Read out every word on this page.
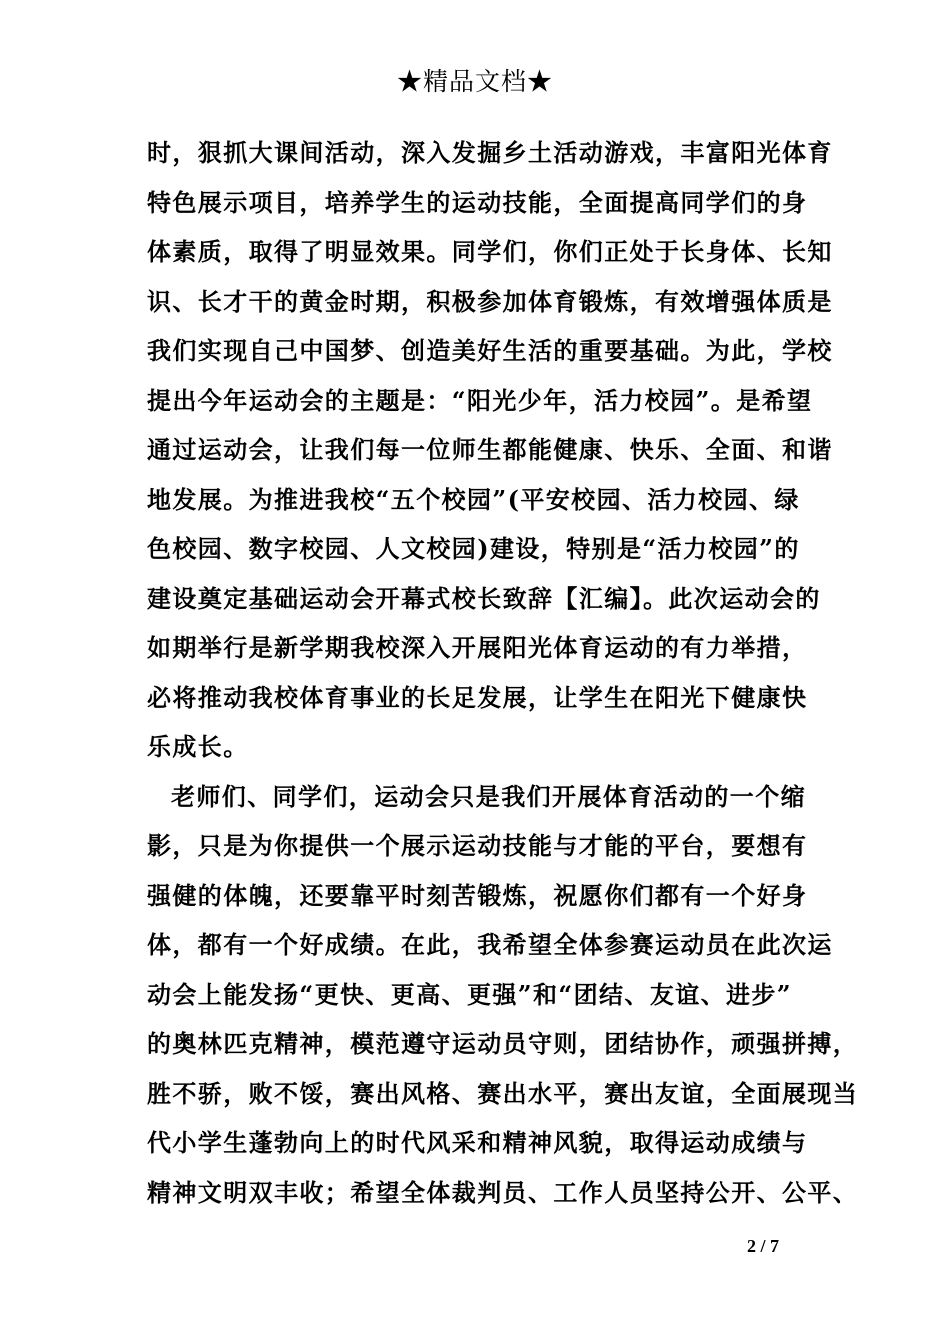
★精品文档★
时，狠抓大课间活动，深入发掘乡土活动游戏，丰富阳光体育
特色展示项目，培养学生的运动技能，全面提高同学们的身
体素质，取得了明显效果。同学们，你们正处于长身体、长知
识、长才干的黄金时期，积极参加体育锻炼，有效增强体质是
我们实现自己中国梦、创造美好生活的重要基础。为此，学校
提出今年运动会的主题是：“阳光少年，活力校园”。是希望
通过运动会，让我们每一位师生都能健康、快乐、全面、和谐
地发展。为推进我校“五个校园”(平安校园、活力校园、绿
色校园、数字校园、人文校园)建设，特别是“活力校园”的
建设奠定基础运动会开幕式校长致辞【汇编】。此次运动会的
如期举行是新学期我校深入开展阳光体育运动的有力举措，
必将推动我校体育事业的长足发展，让学生在阳光下健康快
乐成长。
老师们、同学们，运动会只是我们开展体育活动的一个缩
影，只是为你提供一个展示运动技能与才能的平台，要想有
强健的体魄，还要靠平时刻苦锻炼，祝愿你们都有一个好身
体，都有一个好成绩。在此，我希望全体参赛运动员在此次运
动会上能发扬“更快、更高、更强”和“团结、友谊、进步”
的奥林匹克精神，模范遵守运动员守则，团结协作，顽强拼搏，
胜不骄，败不馁，赛出风格、赛出水平，赛出友谊，全面展现当
代小学生蓬勃向上的时代风采和精神风貌，取得运动成绩与
精神文明双丰收；希望全体裁判员、工作人员坚持公开、公平、
2 / 7
